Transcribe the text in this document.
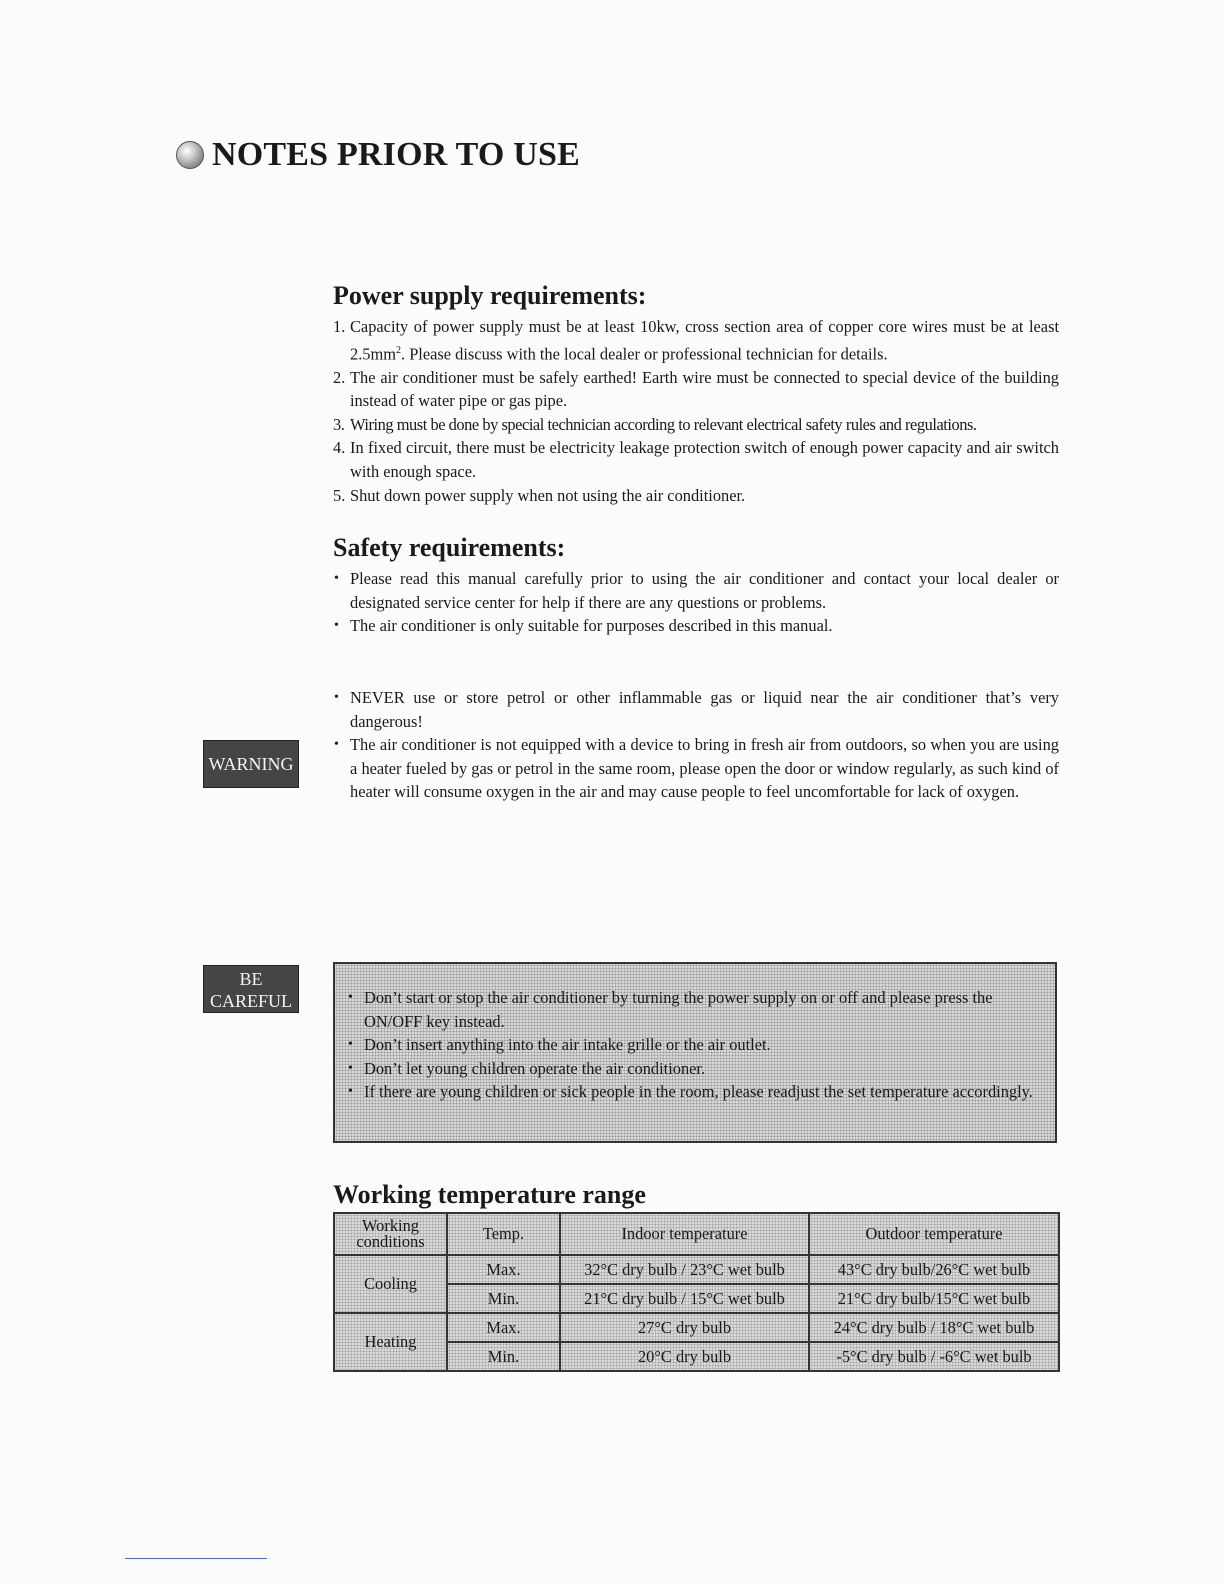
NOTES PRIOR TO USE
Power supply requirements:
1. Capacity of power supply must be at least 10kw, cross section area of copper core wires must be at least $2.5mm^2$. Please discuss with the local dealer or professional technician for details.
2. The air conditioner must be safely earthed! Earth wire must be connected to special device of the building instead of water pipe or gas pipe.
3. Wiring must be done by special technician according to relevant electrical safety rules and regulations.
4. In fixed circuit, there must be electricity leakage protection switch of enough power capacity and air switch with enough space.
5. Shut down power supply when not using the air conditioner.
Safety requirements:
• Please read this manual carefully prior to using the air conditioner and contact your local dealer or designated service center for help if there are any questions or problems.
• The air conditioner is only suitable for purposes described in this manual.
WARNING
• NEVER use or store petrol or other inflammable gas or liquid near the air conditioner that’s very dangerous!
• The air conditioner is not equipped with a device to bring in fresh air from outdoors, so when you are using a heater fueled by gas or petrol in the same room, please open the door or window regularly, as such kind of heater will consume oxygen in the air and may cause people to feel uncomfortable for lack of oxygen.
BE
CAREFUL	• Don’t start or stop the air conditioner by turning the power supply on or off and please press the ON/OFF key instead.
• Don’t insert anything into the air intake grille or the air outlet.
• Don’t let young children operate the air conditioner.
• If there are young children or sick people in the room, please readjust the set temperature accordingly.
Working temperature range
Working
conditions	Temp.	Indoor temperature	Outdoor temperature
Cooling	Max.	32°C dry bulb / 23°C wet bulb	43°C dry bulb/26°C wet bulb
	Min.	21°C dry bulb / 15°C wet bulb	21°C dry bulb/15°C wet bulb
Heating	Max.	27°C dry bulb	24°C dry bulb / 18°C wet bulb
	Min.	20°C dry bulb	-5°C dry bulb / -6°C wet bulb
